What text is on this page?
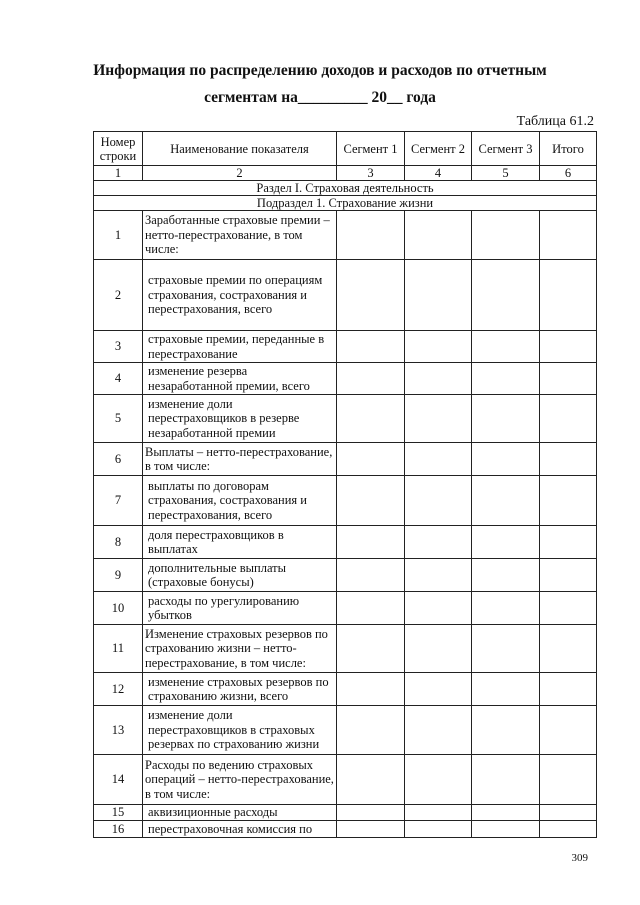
Информация по распределению доходов и расходов по отчетным
сегментам на_________ 20__ года
Таблица 61.2
Номер строки	Наименование показателя	Сегмент 1	Сегмент 2	Сегмент 3	Итого
1	2	3	4	5	6
Раздел I. Страховая деятельность					
Подраздел 1. Страхование жизни					
1	Заработанные страховые премии – нетто-перестрахование, в том числе:				
2	страховые премии по операциям страхования, сострахования и перестрахования, всего				
3	страховые премии, переданные в перестрахование				
4	изменение резерва незаработанной премии, всего				
5	изменение доли перестраховщиков в резерве незаработанной премии				
6	Выплаты – нетто-перестрахование, в том числе:				
7	выплаты по договорам страхования, сострахования и перестрахования, всего				
8	доля перестраховщиков в выплатах				
9	дополнительные выплаты (страховые бонусы)				
10	расходы по урегулированию убытков				
11	Изменение страховых резервов по страхованию жизни – нетто-перестрахование, в том числе:				
12	изменение страховых резервов по страхованию жизни, всего				
13	изменение доли перестраховщиков в страховых резервах по страхованию жизни				
14	Расходы по ведению страховых операций – нетто-перестрахование, в том числе:				
15	аквизиционные расходы				
16	перестраховочная комиссия по				
309
